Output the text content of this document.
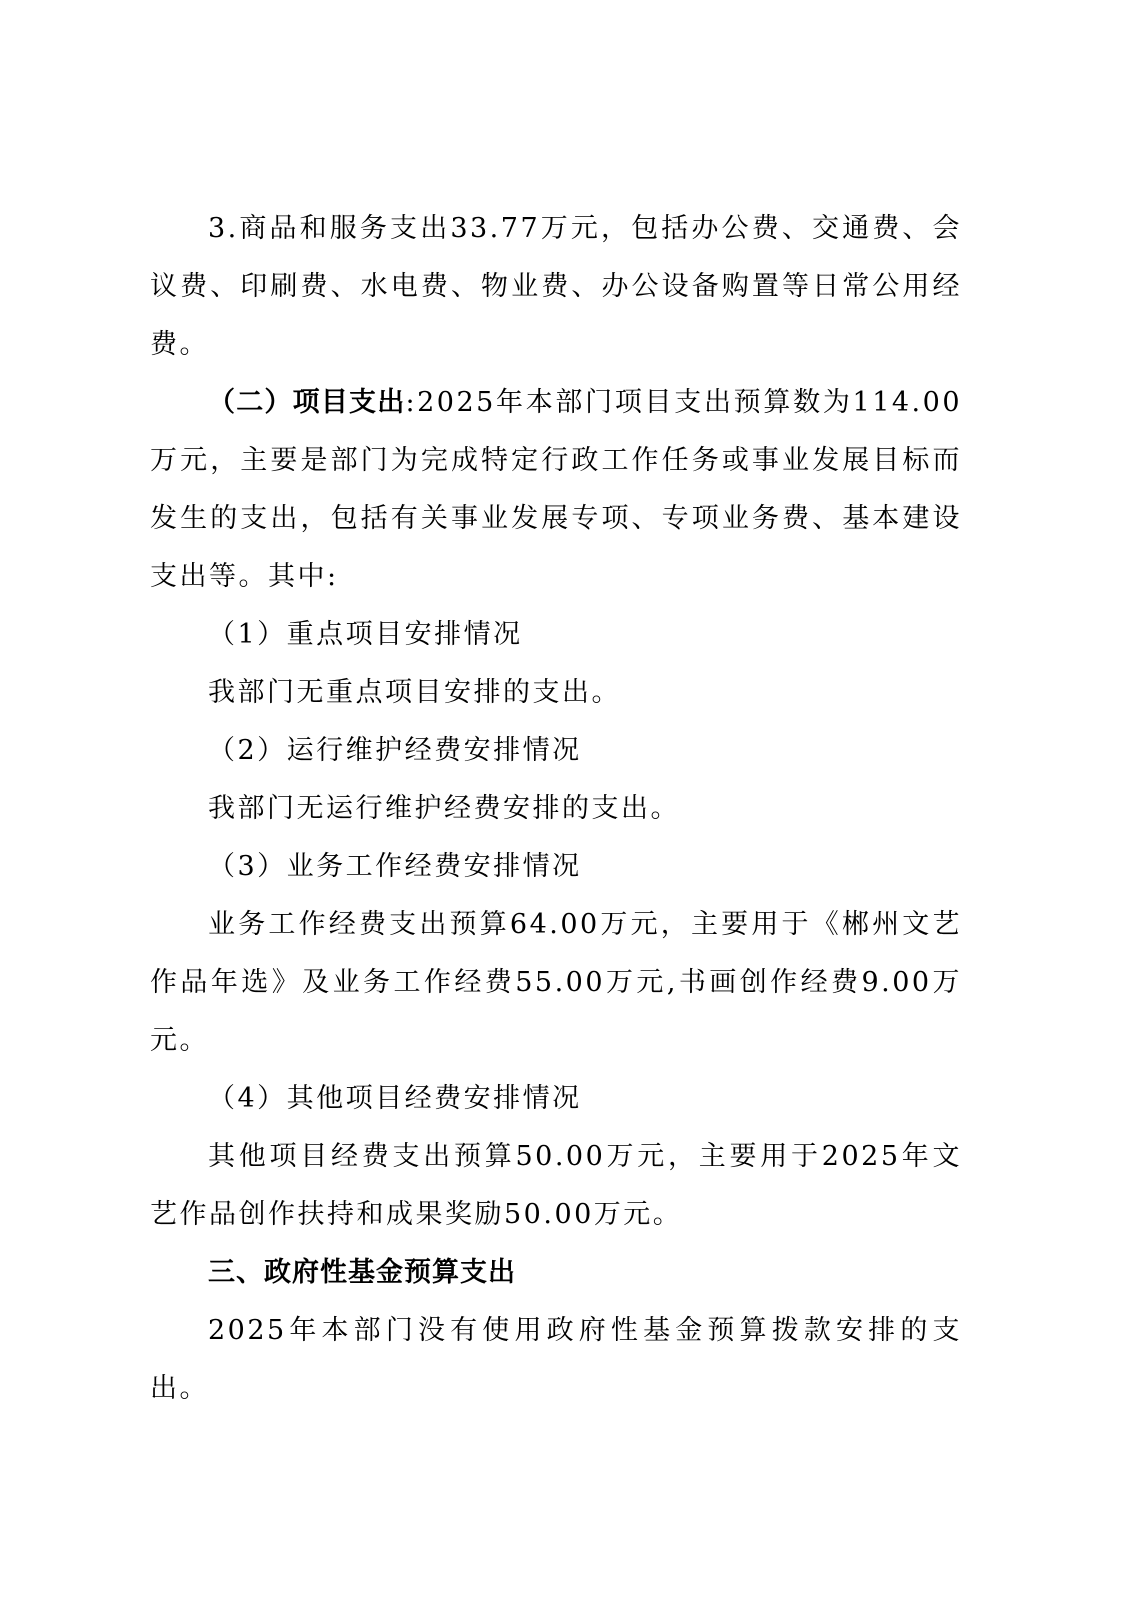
3.商品和服务支出33.77万元，包括办公费、交通费、会议费、印刷费、水电费、物业费、办公设备购置等日常公用经费。

（二）项目支出:2025年本部门项目支出预算数为114.00万元，主要是部门为完成特定行政工作任务或事业发展目标而发生的支出，包括有关事业发展专项、专项业务费、基本建设支出等。其中:

（1）重点项目安排情况

我部门无重点项目安排的支出。

（2）运行维护经费安排情况

我部门无运行维护经费安排的支出。

（3）业务工作经费安排情况

业务工作经费支出预算64.00万元，主要用于《郴州文艺作品年选》及业务工作经费55.00万元,书画创作经费9.00万元。

（4）其他项目经费安排情况

其他项目经费支出预算50.00万元，主要用于2025年文艺作品创作扶持和成果奖励50.00万元。

三、政府性基金预算支出

2025年本部门没有使用政府性基金预算拨款安排的支出。
